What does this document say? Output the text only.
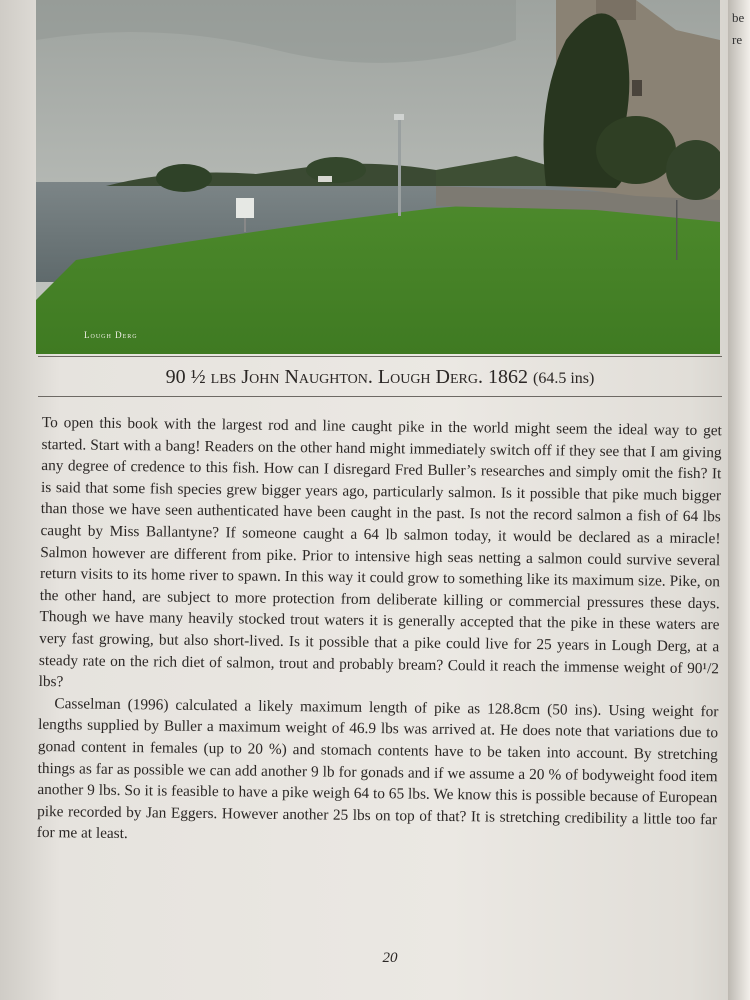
be
re
Lough Derg
90 ½ lbs John Naughton. Lough Derg. 1862 (64.5 ins)

To open this book with the largest rod and line caught pike in the world might seem the ideal way to get started. Start with a bang! Readers on the other hand might immediately switch off if they see that I am giving any degree of credence to this fish. How can I disregard Fred Buller’s researches and simply omit the fish? It is said that some fish species grew bigger years ago, particularly salmon. Is it possible that pike much bigger than those we have seen authenticated have been caught in the past. Is not the record salmon a fish of 64 lbs caught by Miss Ballantyne? If someone caught a 64 lb salmon today, it would be declared as a miracle! Salmon however are different from pike. Prior to intensive high seas netting a salmon could survive several return visits to its home river to spawn. In this way it could grow to something like its maximum size. Pike, on the other hand, are subject to more protection from deliberate killing or commercial pressures these days. Though we have many heavily stocked trout waters it is generally accepted that the pike in these waters are very fast growing, but also short-lived. Is it possible that a pike could live for 25 years in Lough Derg, at a steady rate on the rich diet of salmon, trout and probably bream? Could it reach the immense weight of 90¹/2 lbs?

Casselman (1996) calculated a likely maximum length of pike as 128.8cm (50 ins). Using weight for lengths supplied by Buller a maximum weight of 46.9 lbs was arrived at. He does note that variations due to gonad content in females (up to 20 %) and stomach contents have to be taken into account. By stretching things as far as possible we can add another 9 lb for gonads and if we assume a 20 % of bodyweight food item another 9 lbs. So it is feasible to have a pike weigh 64 to 65 lbs. We know this is possible because of European pike recorded by Jan Eggers. However another 25 lbs on top of that? It is stretching credibility a little too far for me at least.

20
